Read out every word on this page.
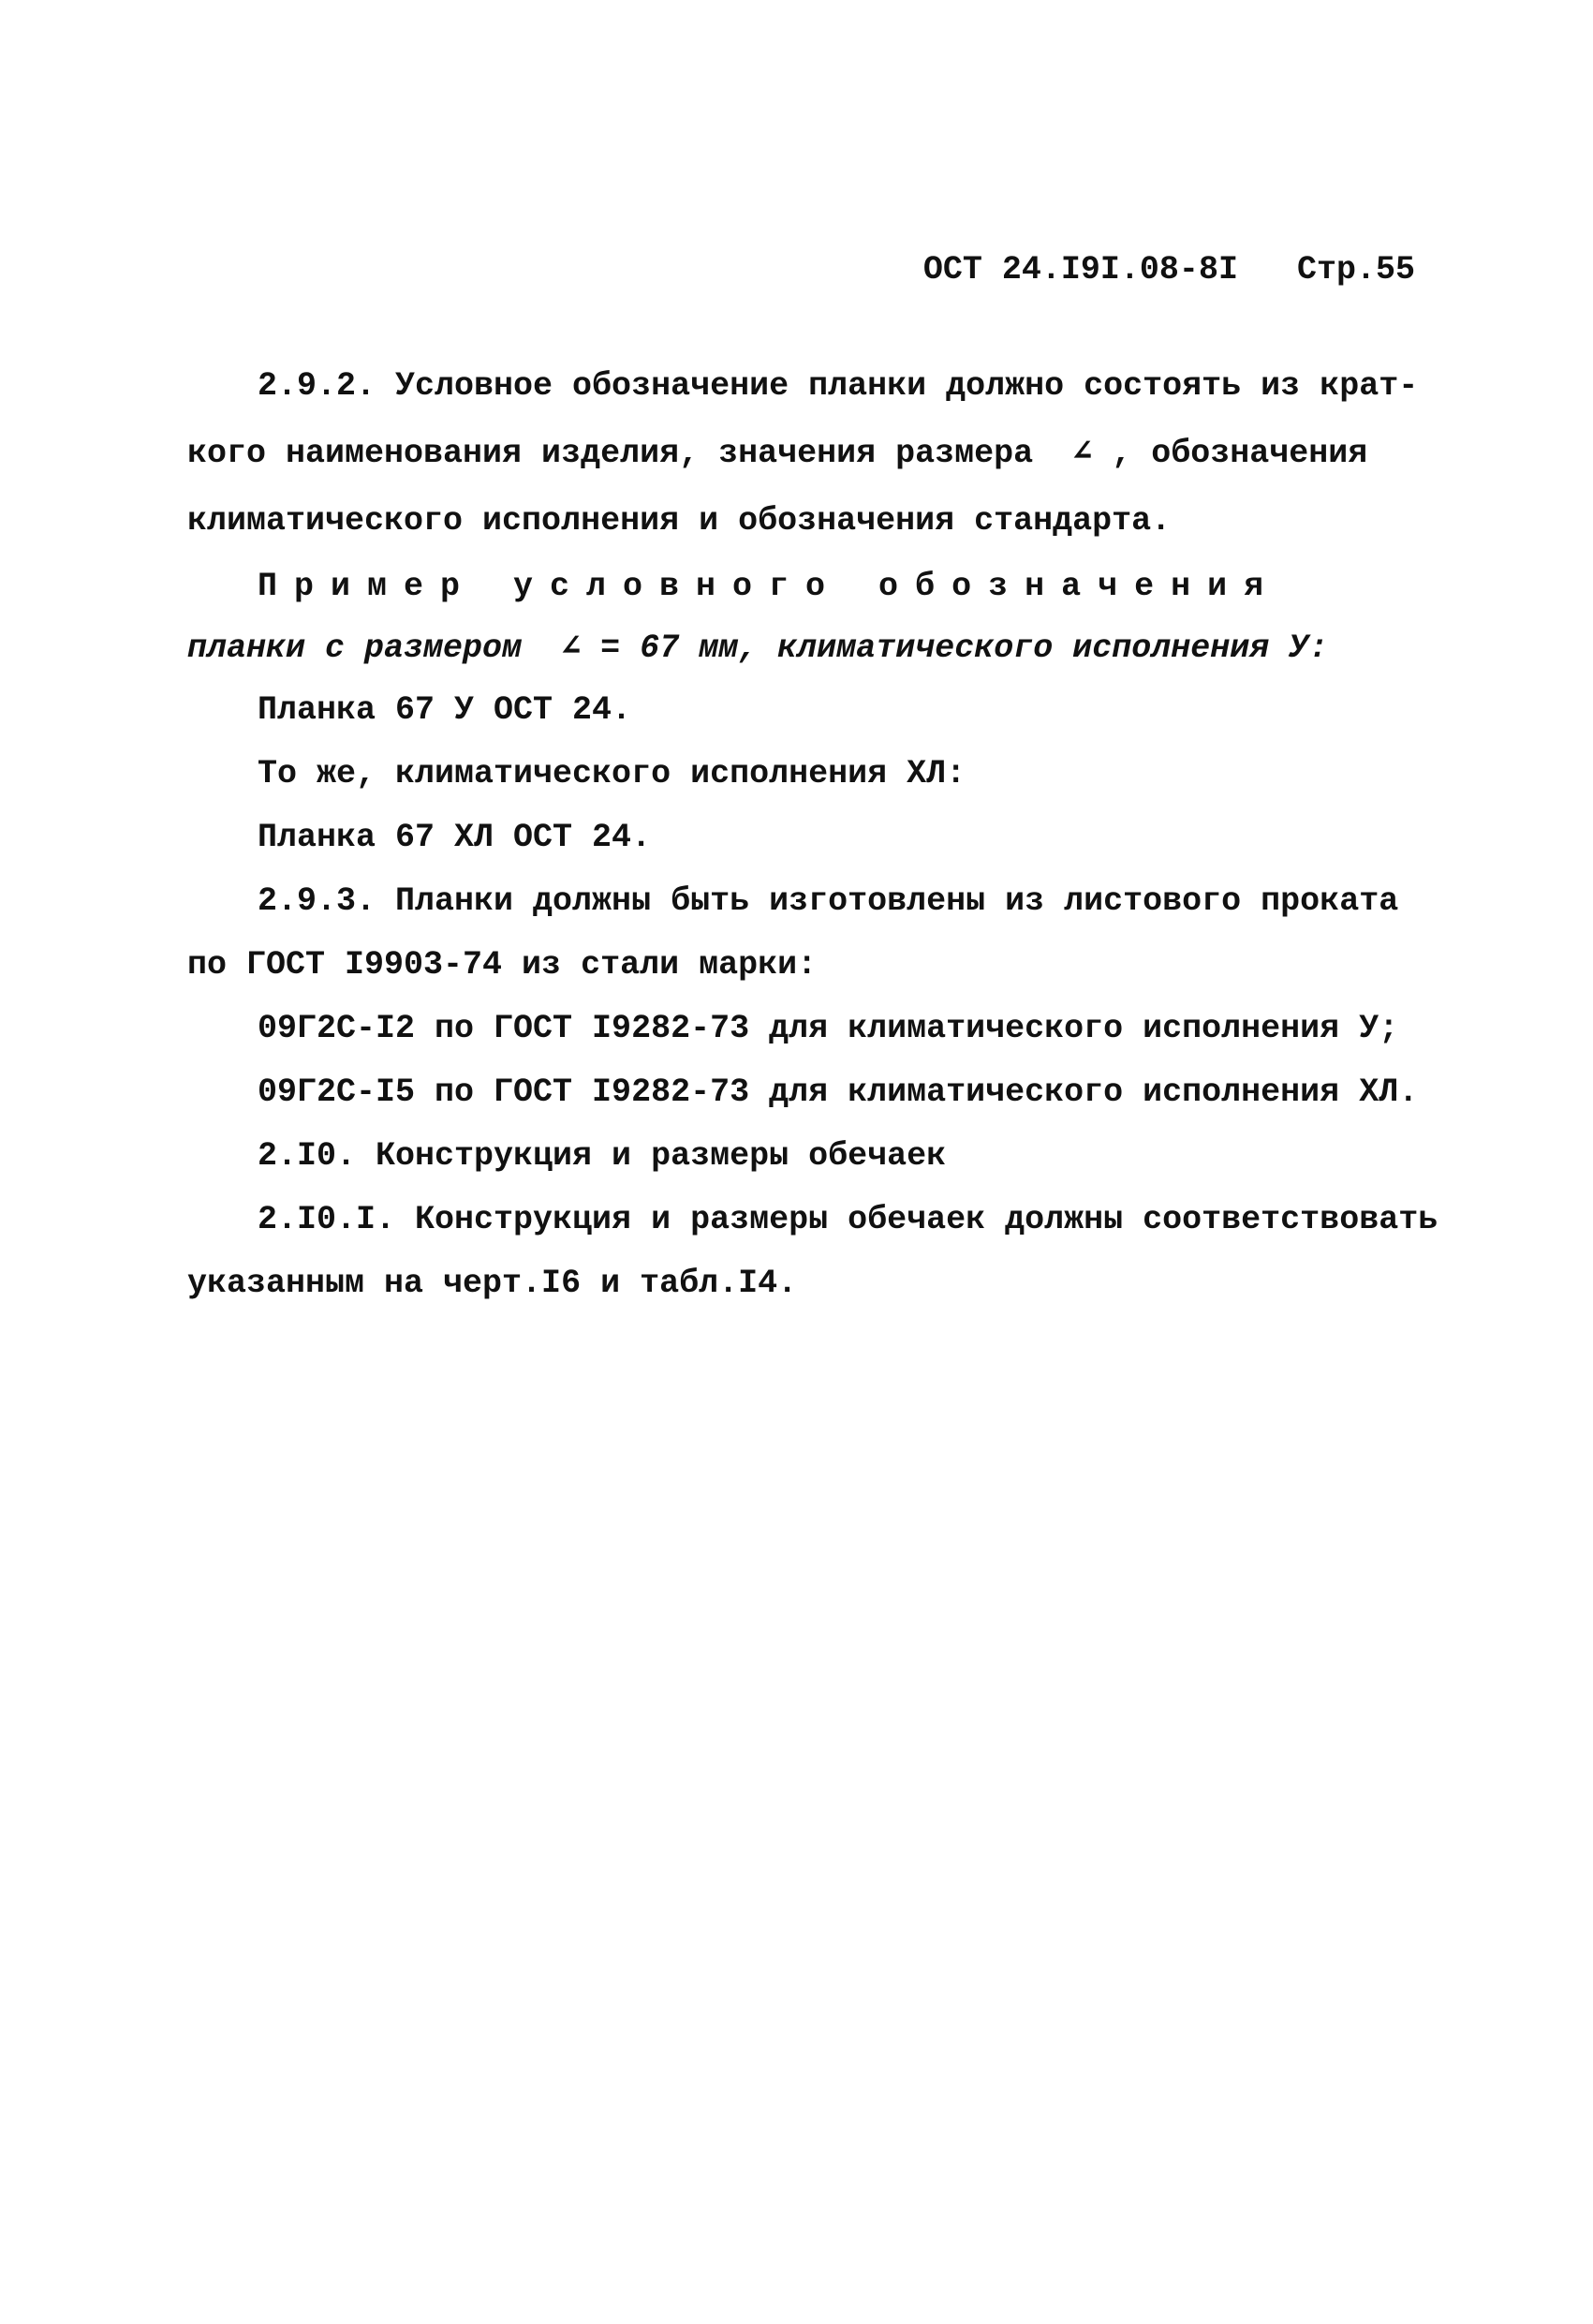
ОСТ 24.I9I.08-8I Стр.55
2.9.2. Условное обозначение планки должно состоять из крат-
кого наименования изделия, значения размера  ∠ , обозначения
климатического исполнения и обозначения стандарта.
Пример условного обозначения
планки с размером  ∠ = 67 мм, климатического исполнения У:
Планка 67 У ОСТ 24.
То же, климатического исполнения ХЛ:
Планка 67 ХЛ ОСТ 24.
2.9.3. Планки должны быть изготовлены из листового проката
по ГОСТ I9903-74 из стали марки:
09Г2С-I2 по ГОСТ I9282-73 для климатического исполнения У;
09Г2С-I5 по ГОСТ I9282-73 для климатического исполнения ХЛ.
2.I0. Конструкция и размеры обечаек
2.I0.I. Конструкция и размеры обечаек должны соответствовать
указанным на черт.I6 и табл.I4.
